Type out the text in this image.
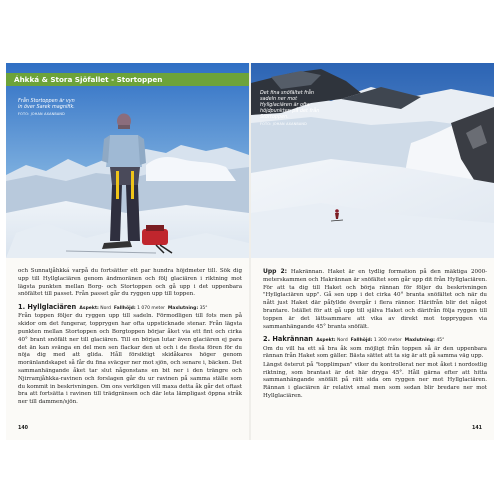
Áhkká & Stora Sjöfallet - Stortoppen
Från Stortoppen är vyn in över Sarek magnifik.
FOTO: JOHAN AXANBAND

och Sunnatjåhkká varpå du fortsätter ett par hundra höjdmeter till. Sök dig upp till Hyllglaciären genom ändmoränen och följ glaciären i riktning mot lägsta punkten mellan Borg- och Stortoppen och gå upp i det uppenbara snöfältet till passet. Från passet går du ryggen upp till toppen.

1. Hyllglaciären Aspekt: Nord Fallhöjd: 1 070 meter Maxlutning: 35°

Från toppen följer du ryggen upp till sadeln. Förmodligen till fots men på skidor om det fungerar, topprygen har ofta uppsticknade stenar. Från lägsta punkten mellan Stortoppen och Borgtoppen börjar åket via ett fint och cirka 40° brant snöfält ner till glaciären. Till en början lutar även glaciären ej para det än kan svänga en del men sen flackar den ut och i de flesta fören för du nöja dig med att glida. Håll försiktigt skidåkares höger genom moränlandskapet så får du fina sväcger ner mot sjön, och senare i, bäcken. Det sammanhängande åket tar slut någonstans en bit ner i den trängre och Njirramjåhkka-ravinen och forslagen går du ur ravinen på samma ställe som du kommit in beskrivningen. Om ons verkligen vill maxa detta åk går det oftast bra att fortsätta i ravinen till trädgränsen och där leta lämpligast öppna stråk ner till dammen/sjön.

140
Det fina snöfältet från sadeln ner mot Hyllglaciären är ofta höjdpunkten på det från Stortoppen.
FOTO: JOHAN AXANBAND

Upp 2: Hakrännan. Haket är en tydlig formation på den mäktiga 2000-meterskammen och Hakrännan är snöfältet som går upp dit från Hyllglaciären. För att ta dig till Haket och börja rännan för följer du beskrivningen "Hyllglaciären upp". Gå sen upp i det cirka 40° branta snöfältet och när du nått just Haket där påfyllde övergår i flera rännor. Härifrån blir det något brantare. Istället för att gå upp till själva Haket och därifrån följa ryggen till toppen är det lättsammare att vika av direkt mot toppryggen via sammanhängande 45° branta snöfält.

2. Hakrännan Aspekt: Nord Fallhöjd: 1 300 meter Maxlutning: 45°

Om du vill ha ett så bra åk som möjligt från toppen så är den uppenbara rännan från Haket som gäller. Bästa sättet att ta sig är att gå samma väg upp.

Längst österut på "topplimpan" viker du kontrollerat ner mot åket i nordostlig riktning, som brantast är det här dryga 45°. Håll gärna efter att hitta sammanhängande snöfält på rätt sida om ryggen ner mot Hyllglaciären. Rännan i glaciären är relativt smal men som sedan blir bredare ner mot Hyllglaciären.

141
